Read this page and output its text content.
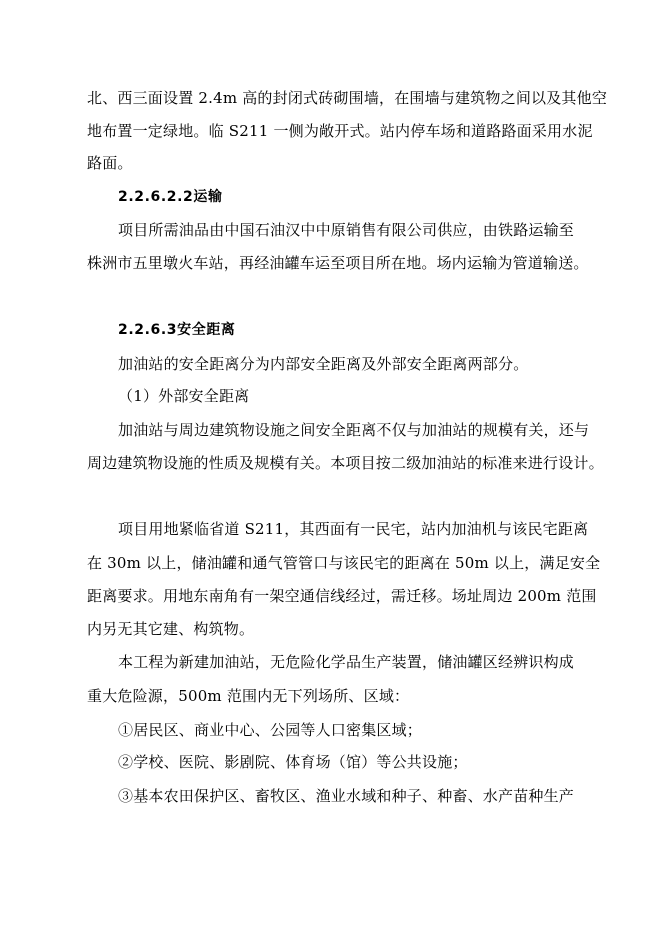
北、西三面设置 2.4m 高的封闭式砖砌围墙，在围墙与建筑物之间以及其他空
地布置一定绿地。临 S211 一侧为敞开式。站内停车场和道路路面采用水泥
路面。
2.2.6.2.2运输
项目所需油品由中国石油汉中中原销售有限公司供应，由铁路运输至
株洲市五里墩火车站，再经油罐车运至项目所在地。场内运输为管道输送。
2.2.6.3安全距离
加油站的安全距离分为内部安全距离及外部安全距离两部分。
（1）外部安全距离
加油站与周边建筑物设施之间安全距离不仅与加油站的规模有关，还与
周边建筑物设施的性质及规模有关。本项目按二级加油站的标准来进行设计。
项目用地紧临省道 S211，其西面有一民宅，站内加油机与该民宅距离
在 30m 以上，储油罐和通气管管口与该民宅的距离在 50m 以上，满足安全
距离要求。用地东南角有一架空通信线经过，需迁移。场址周边 200m 范围
内另无其它建、构筑物。
本工程为新建加油站，无危险化学品生产装置，储油罐区经辨识构成
重大危险源，500m 范围内无下列场所、区域：
①居民区、商业中心、公园等人口密集区域；
②学校、医院、影剧院、体育场（馆）等公共设施；
③基本农田保护区、畜牧区、渔业水域和种子、种畜、水产苗种生产
